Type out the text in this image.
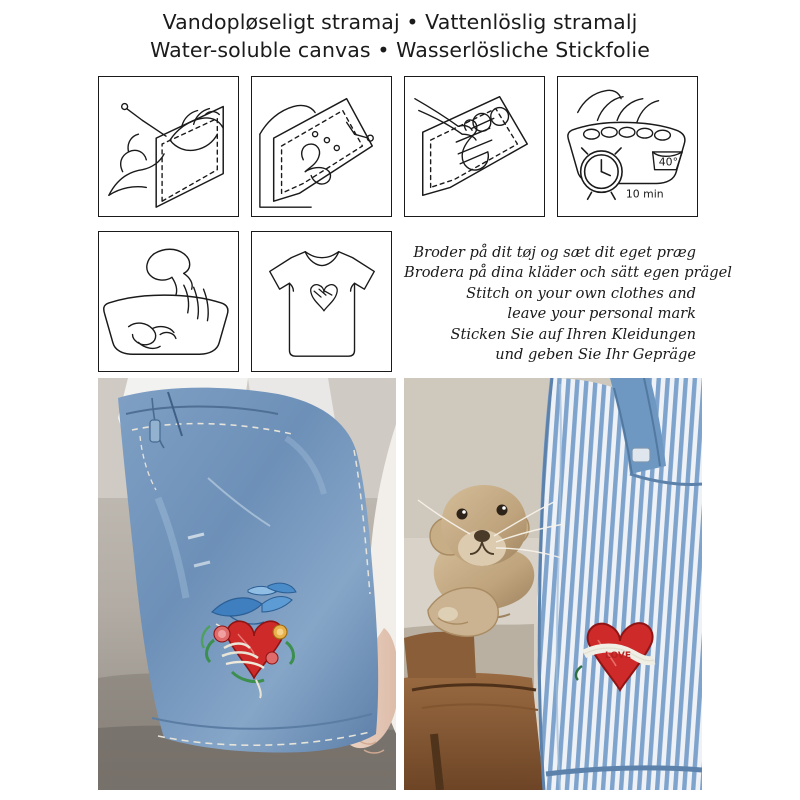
Vandopløseligt stramaj • Vattenlöslig stramalj
Water-soluble canvas • Wasserlösliche Stickfolie
40°
10 min
Broder på dit tøj og sæt dit eget præg
Brodera på dina kläder och sätt egen prägel
Stitch on your own clothes and
leave your personal mark
Sticken Sie auf Ihren Kleidungen
und geben Sie Ihr Gepräge
LOVE
